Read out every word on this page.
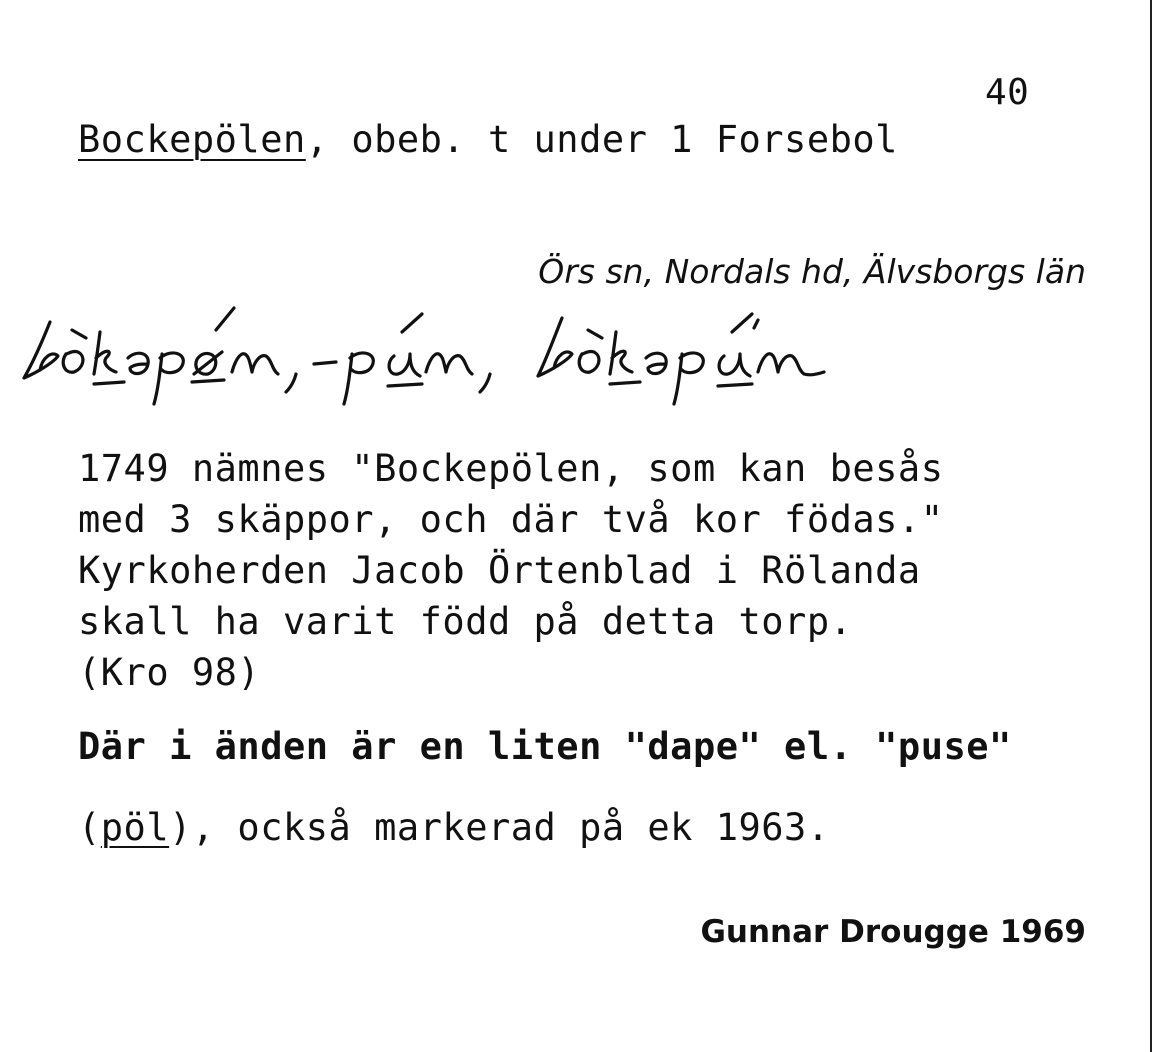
40
Bockepölen, obeb. t under 1 Forsebol
Örs sn, Nordals hd, Älvsborgs län
1749 nämnes "Bockepölen, som kan besås
med 3 skäppor, och där två kor födas."
Kyrkoherden Jacob Örtenblad i Rölanda
skall ha varit född på detta torp.
(Kro 98)
Där i änden är en liten "dape" el. "puse"
(pöl), också markerad på ek 1963.
Gunnar Drougge 1969
